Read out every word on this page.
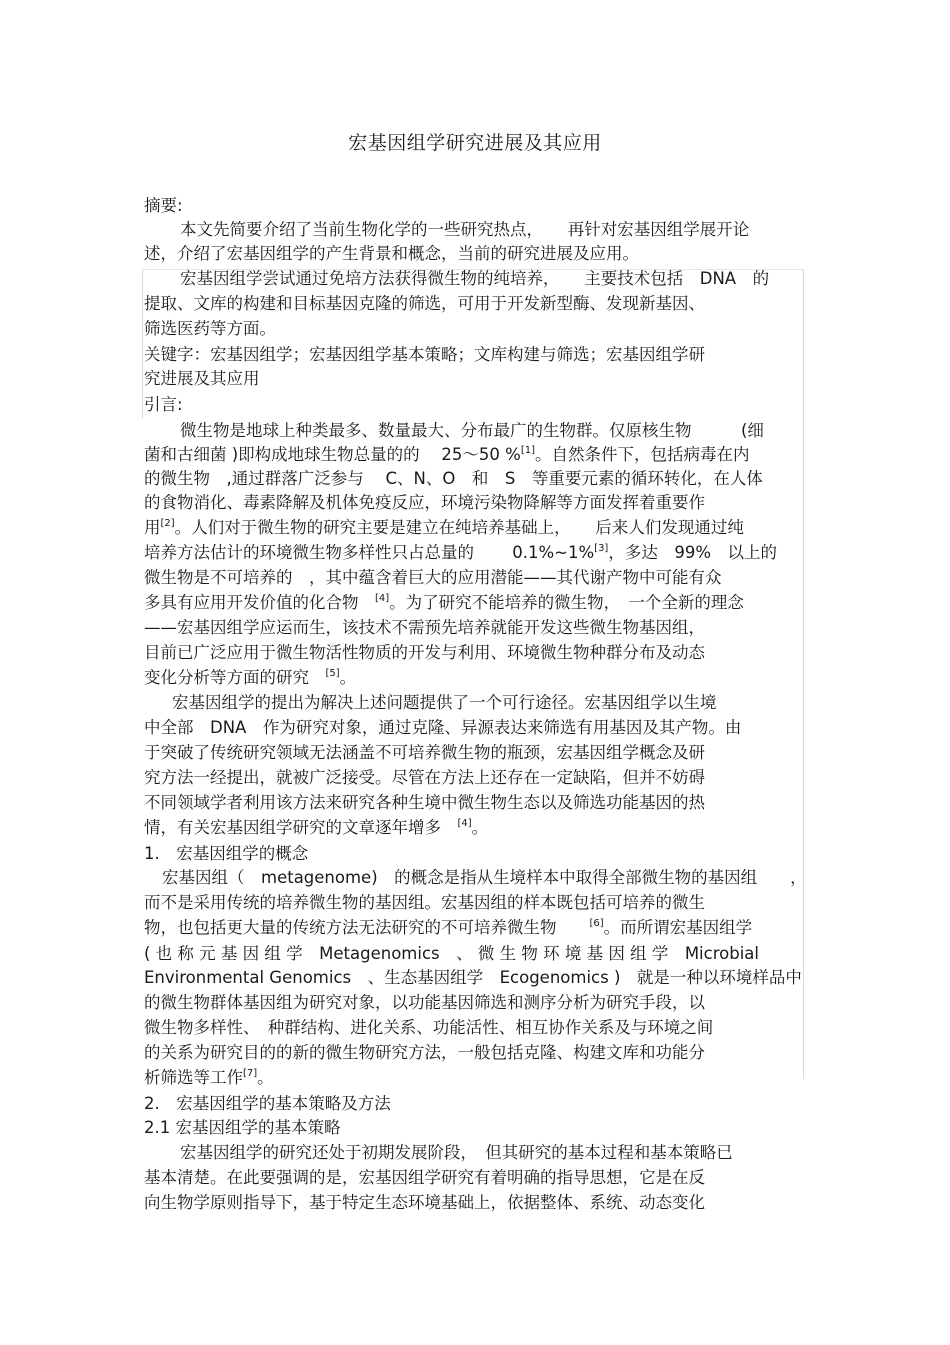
宏基因组学研究进展及其应用
摘要:
本文先简要介绍了当前生物化学的一些研究热点，　　再针对宏基因组学展开论
述，介绍了宏基因组学的产生背景和概念，当前的研究进展及应用。
宏基因组学尝试通过免培方法获得微生物的纯培养，　　主要技术包括　DNA　的
提取、文库的构建和目标基因克隆的筛选，可用于开发新型酶、发现新基因、
筛选医药等方面。
关键字：宏基因组学；宏基因组学基本策略；文库构建与筛选；宏基因组学研
究进展及其应用
引言:
微生物是地球上种类最多、数量最大、分布最广的生物群。仅原核生物　　　(细
菌和古细菌 )即构成地球生物总量的的　 25～50 %[1]。自然条件下，包括病毒在内
的微生物　,通过群落广泛参与　 C、N、O　和　S　等重要元素的循环转化，在人体
的食物消化、毒素降解及机体免疫反应，环境污染物降解等方面发挥着重要作
用[2]。人们对于微生物的研究主要是建立在纯培养基础上，　　后来人们发现通过纯
培养方法估计的环境微生物多样性只占总量的　　 0.1%~1%[3]，多达　99%　以上的
微生物是不可培养的　，其中蕴含着巨大的应用潜能——其代谢产物中可能有众
多具有应用开发价值的化合物　[4]。为了研究不能培养的微生物，　一个全新的理念
——宏基因组学应运而生，该技术不需预先培养就能开发这些微生物基因组，
目前已广泛应用于微生物活性物质的开发与利用、环境微生物种群分布及动态
变化分析等方面的研究　[5]。
宏基因组学的提出为解决上述问题提供了一个可行途径。宏基因组学以生境
中全部　DNA　作为研究对象，通过克隆、异源表达来筛选有用基因及其产物。由
于突破了传统研究领域无法涵盖不可培养微生物的瓶颈，宏基因组学概念及研
究方法一经提出，就被广泛接受。尽管在方法上还存在一定缺陷，但并不妨碍
不同领域学者利用该方法来研究各种生境中微生物生态以及筛选功能基因的热
情，有关宏基因组学研究的文章逐年增多　[4]。
1.　宏基因组学的概念
宏基因组（　metagenome)　的概念是指从生境样本中取得全部微生物的基因组　　，
而不是采用传统的培养微生物的基因组。宏基因组的样本既包括可培养的微生
物，也包括更大量的传统方法无法研究的不可培养微生物　　[6]。而所谓宏基因组学
( 也 称 元 基 因 组 学　Metagenomics　、 微 生 物 环 境 基 因 组 学　Microbial
Environmental Genomics　、生态基因组学　Ecogenomics )　就是一种以环境样品中
的微生物群体基因组为研究对象，以功能基因筛选和测序分析为研究手段，以
微生物多样性、　种群结构、进化关系、功能活性、相互协作关系及与环境之间
的关系为研究目的的新的微生物研究方法，一般包括克隆、构建文库和功能分
析筛选等工作[7]。
2.　宏基因组学的基本策略及方法
2.1 宏基因组学的基本策略
宏基因组学的研究还处于初期发展阶段，　但其研究的基本过程和基本策略已
基本清楚。在此要强调的是，宏基因组学研究有着明确的指导思想，它是在反
向生物学原则指导下，基于特定生态环境基础上，依据整体、系统、动态变化
